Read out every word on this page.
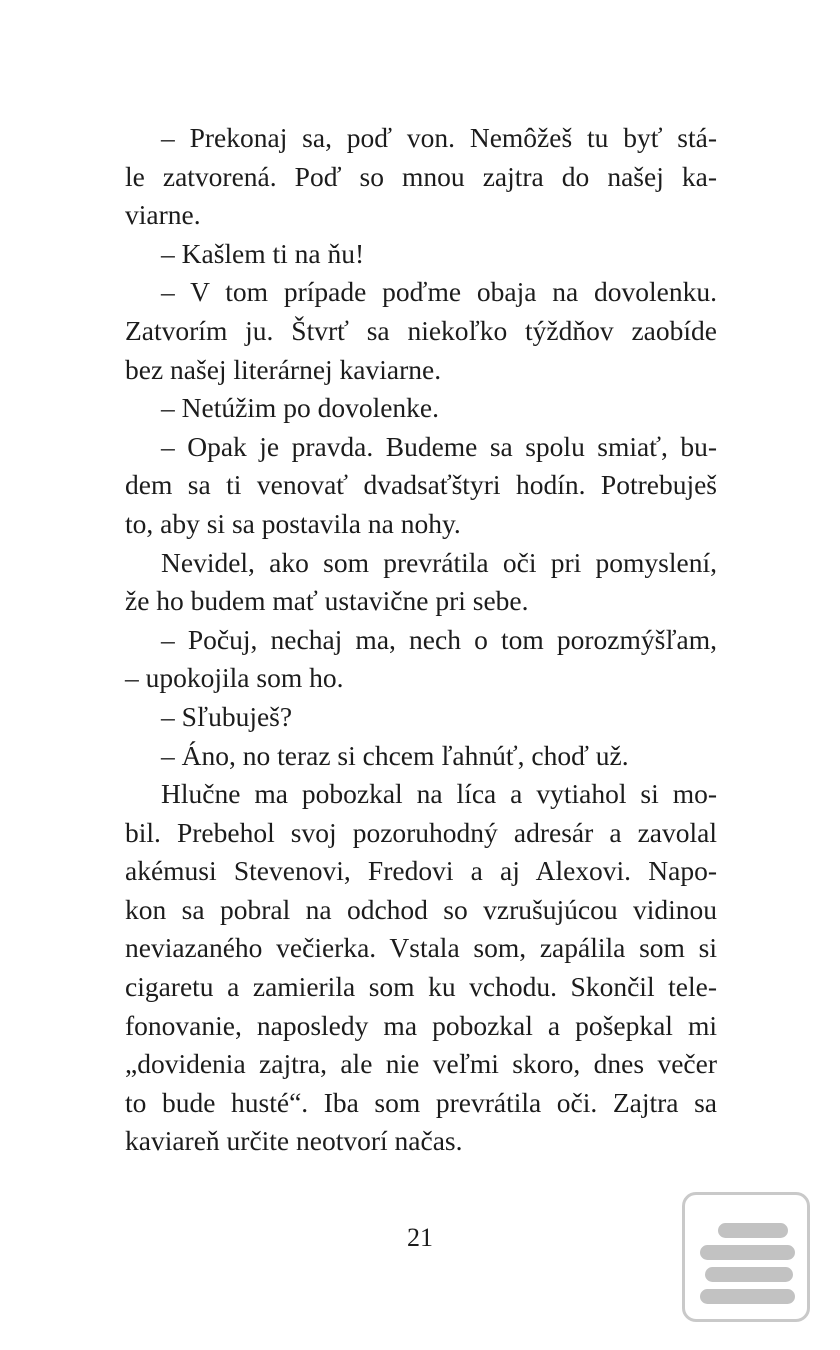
– Prekonaj sa, poď von. Nemôžeš tu byť stá-
le zatvorená. Poď so mnou zajtra do našej ka-
viarne.
– Kašlem ti na ňu!
– V tom prípade poďme obaja na dovolenku.
Zatvorím ju. Štvrť sa niekoľko týždňov zaobíde
bez našej literárnej kaviarne.
– Netúžim po dovolenke.
– Opak je pravda. Budeme sa spolu smiať, bu-
dem sa ti venovať dvadsaťštyri hodín. Potrebuješ
to, aby si sa postavila na nohy.
Nevidel, ako som prevrátila oči pri pomyslení,
že ho budem mať ustavične pri sebe.
– Počuj, nechaj ma, nech o tom porozmýšľam,
– upokojila som ho.
– Sľubuješ?
– Áno, no teraz si chcem ľahnúť, choď už.
Hlučne ma pobozkal na líca a vytiahol si mo-
bil. Prebehol svoj pozoruhodný adresár a zavolal
akémusi Stevenovi, Fredovi a aj Alexovi. Napo-
kon sa pobral na odchod so vzrušujúcou vidinou
neviazaného večierka. Vstala som, zapálila som si
cigaretu a zamierila som ku vchodu. Skončil tele-
fonovanie, naposledy ma pobozkal a pošepkal mi
„dovidenia zajtra, ale nie veľmi skoro, dnes večer
to bude husté“. Iba som prevrátila oči. Zajtra sa
kaviareň určite neotvorí načas.
21
